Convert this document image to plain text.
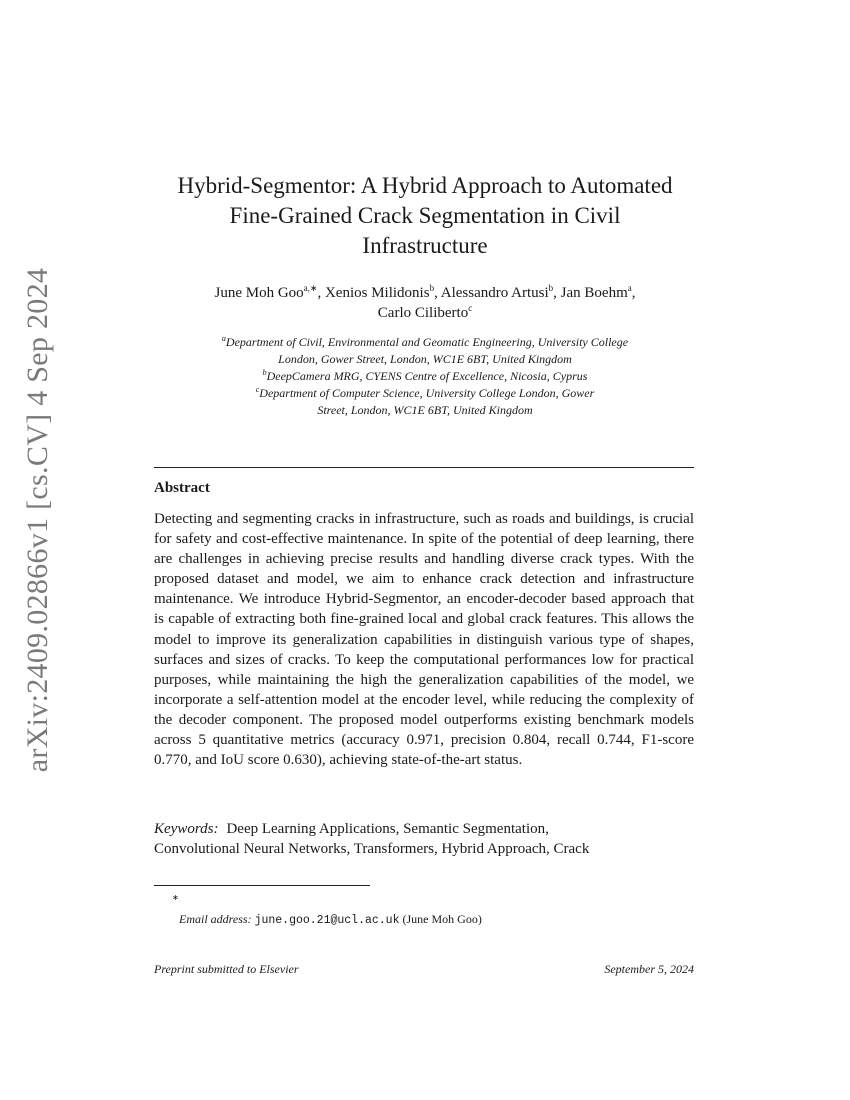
arXiv:2409.02866v1 [cs.CV] 4 Sep 2024
Hybrid-Segmentor: A Hybrid Approach to Automated
Fine-Grained Crack Segmentation in Civil
Infrastructure
June Moh Goo$^{a,∗}$, Xenios Milidonis$^b$, Alessandro Artusi$^b$, Jan Boehm$^a$,
Carlo Ciliberto$^c$
$^a$Department of Civil, Environmental and Geomatic Engineering, University College
London, Gower Street, London, WC1E 6BT, United Kingdom
$^b$DeepCamera MRG, CYENS Centre of Excellence, Nicosia, Cyprus
$^c$Department of Computer Science, University College London, Gower
Street, London, WC1E 6BT, United Kingdom
Abstract
Detecting and segmenting cracks in infrastructure, such as roads and buildings, is crucial for safety and cost-effective maintenance. In spite of the potential of deep learning, there are challenges in achieving precise results and handling diverse crack types. With the proposed dataset and model, we aim to enhance crack detection and infrastructure maintenance. We introduce Hybrid-Segmentor, an encoder-decoder based approach that is capable of extracting both fine-grained local and global crack features. This allows the model to improve its generalization capabilities in distinguish various type of shapes, surfaces and sizes of cracks. To keep the computational performances low for practical purposes, while maintaining the high the generalization capabilities of the model, we incorporate a self-attention model at the encoder level, while reducing the complexity of the decoder component. The proposed model outperforms existing benchmark models across 5 quantitative metrics (accuracy 0.971, precision 0.804, recall 0.744, F1-score 0.770, and IoU score 0.630), achieving state-of-the-art status.
Keywords: Deep Learning Applications, Semantic Segmentation,
Convolutional Neural Networks, Transformers, Hybrid Approach, Crack
∗
Email address: june.goo.21@ucl.ac.uk (June Moh Goo)
Preprint submitted to Elsevier	September 5, 2024
